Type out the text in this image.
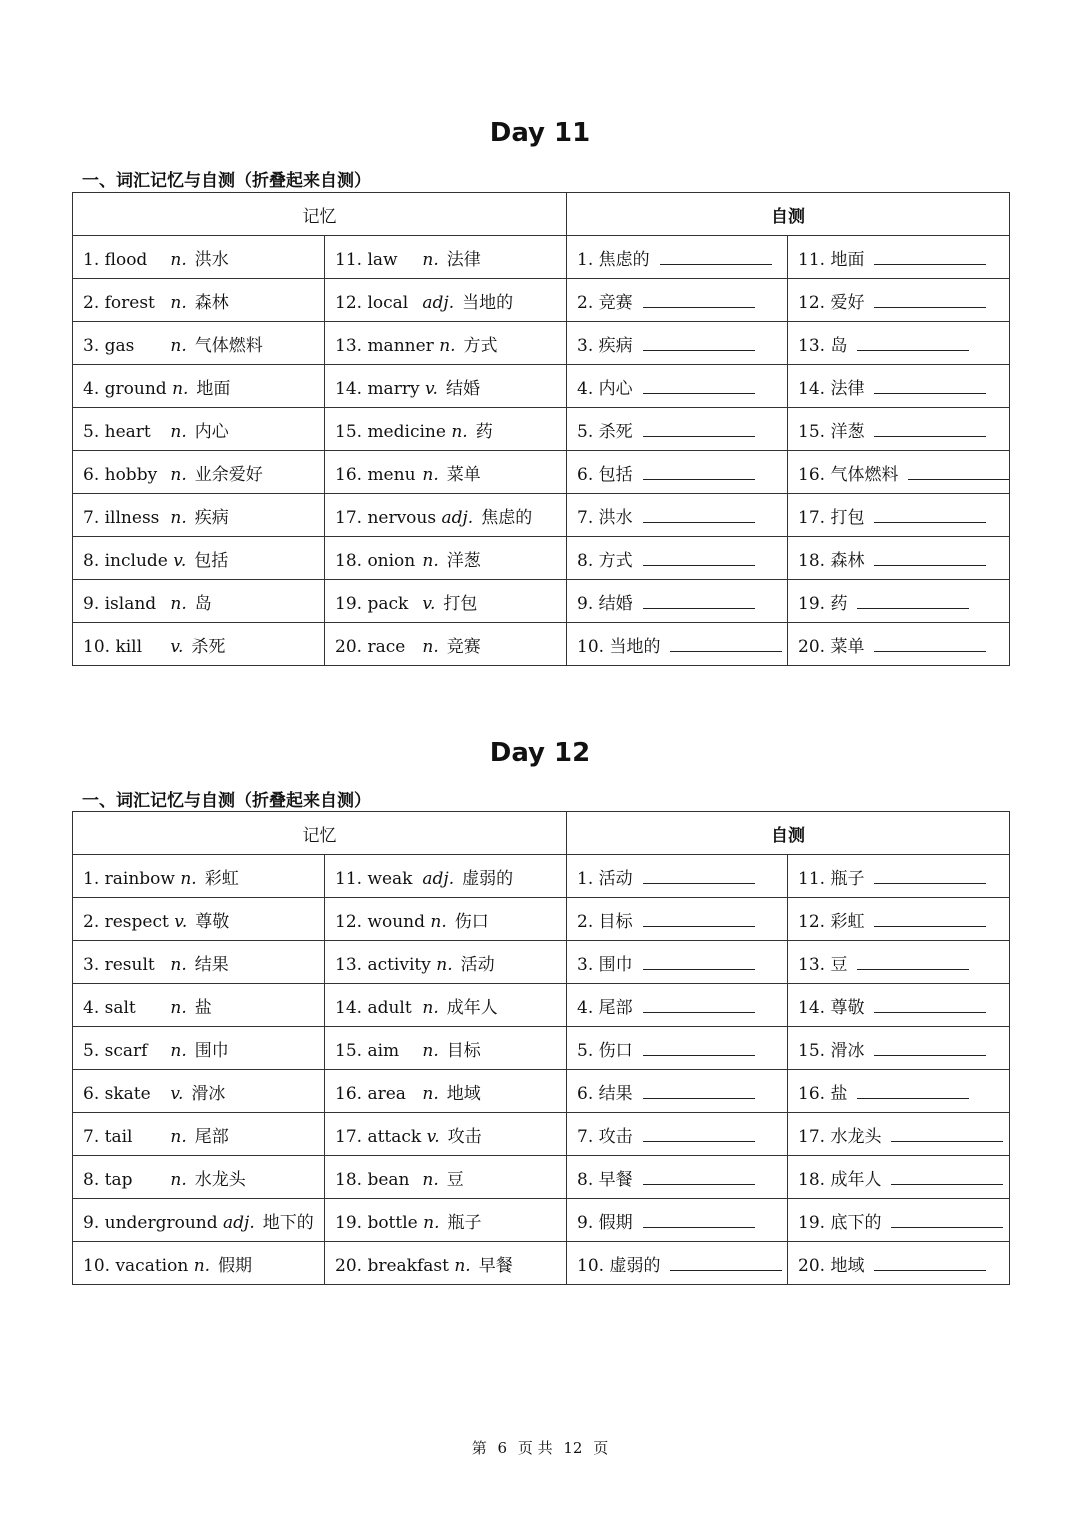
Day 11
一、词汇记忆与自测（折叠起来自测）
记忆		自测	
1. flood n. 洪水	11. law n. 法律	1. 焦虑的	11. 地面
2. forest n. 森林	12. local adj. 当地的	2. 竞赛	12. 爱好
3. gas n. 气体燃料	13. manner n. 方式	3. 疾病	13. 岛
4. ground n. 地面	14. marry v. 结婚	4. 内心	14. 法律
5. heart n. 内心	15. medicine n. 药	5. 杀死	15. 洋葱
6. hobby n. 业余爱好	16. menu n. 菜单	6. 包括	16. 气体燃料
7. illness n. 疾病	17. nervous adj. 焦虑的	7. 洪水	17. 打包
8. include v. 包括	18. onion n. 洋葱	8. 方式	18. 森林
9. island n. 岛	19. pack v. 打包	9. 结婚	19. 药
10. kill v. 杀死	20. race n. 竞赛	10. 当地的	20. 菜单
Day 12
一、词汇记忆与自测（折叠起来自测）
记忆		自测	
1. rainbow n. 彩虹	11. weak adj. 虚弱的	1. 活动	11. 瓶子
2. respect v. 尊敬	12. wound n. 伤口	2. 目标	12. 彩虹
3. result n. 结果	13. activity n. 活动	3. 围巾	13. 豆
4. salt n. 盐	14. adult n. 成年人	4. 尾部	14. 尊敬
5. scarf n. 围巾	15. aim n. 目标	5. 伤口	15. 滑冰
6. skate v. 滑冰	16. area n. 地域	6. 结果	16. 盐
7. tail n. 尾部	17. attack v. 攻击	7. 攻击	17. 水龙头
8. tap n. 水龙头	18. bean n. 豆	8. 早餐	18. 成年人
9. underground adj. 地下的	19. bottle n. 瓶子	9. 假期	19. 底下的
10. vacation n. 假期	20. breakfast n. 早餐	10. 虚弱的	20. 地域
第 6 页 共 12 页
